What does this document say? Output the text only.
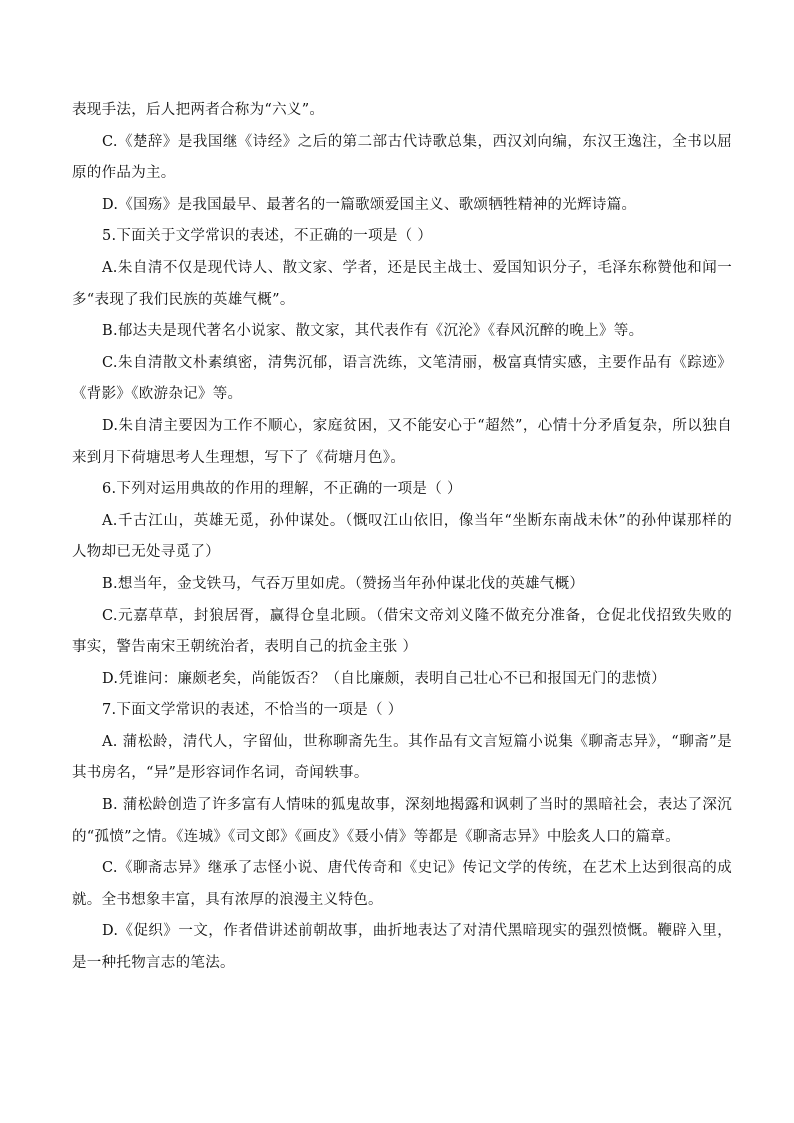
表现手法，后人把两者合称为“六义”。

C.《楚辞》是我国继《诗经》之后的第二部古代诗歌总集，西汉刘向编，东汉王逸注，全书以屈原的作品为主。

D.《国殇》是我国最早、最著名的一篇歌颂爱国主义、歌颂牺牲精神的光辉诗篇。

5.下面关于文学常识的表述，不正确的一项是（ ）

A.朱自清不仅是现代诗人、散文家、学者，还是民主战士、爱国知识分子，毛泽东称赞他和闻一多“表现了我们民族的英雄气概”。

B.郁达夫是现代著名小说家、散文家，其代表作有《沉沦》《春风沉醉的晚上》等。

C.朱自清散文朴素缜密，清隽沉郁，语言洗练，文笔清丽，极富真情实感，主要作品有《踪迹》《背影》《欧游杂记》等。

D.朱自清主要因为工作不顺心，家庭贫困，又不能安心于“超然”，心情十分矛盾复杂，所以独自来到月下荷塘思考人生理想，写下了《荷塘月色》。

6.下列对运用典故的作用的理解，不正确的一项是（ ）

A.千古江山，英雄无觅，孙仲谋处。（慨叹江山依旧，像当年“坐断东南战未休”的孙仲谋那样的人物却已无处寻觅了）

B.想当年，金戈铁马，气吞万里如虎。（赞扬当年孙仲谋北伐的英雄气概）

C.元嘉草草，封狼居胥，赢得仓皇北顾。（借宋文帝刘义隆不做充分准备，仓促北伐招致失败的事实，警告南宋王朝统治者，表明自己的抗金主张 ）

D.凭谁问：廉颇老矣，尚能饭否？（自比廉颇，表明自己壮心不已和报国无门的悲愤）

7.下面文学常识的表述，不恰当的一项是（ ）

A. 蒲松龄，清代人，字留仙，世称聊斋先生。其作品有文言短篇小说集《聊斋志异》，“聊斋”是其书房名，“异”是形容词作名词，奇闻轶事。

B. 蒲松龄创造了许多富有人情味的狐鬼故事，深刻地揭露和讽刺了当时的黑暗社会，表达了深沉的“孤愤”之情。《连城》《司文郎》《画皮》《聂小倩》等都是《聊斋志异》中脍炙人口的篇章。

C.《聊斋志异》继承了志怪小说、唐代传奇和《史记》传记文学的传统，在艺术上达到很高的成就。全书想象丰富，具有浓厚的浪漫主义特色。

D.《促织》一文，作者借讲述前朝故事，曲折地表达了对清代黑暗现实的强烈愤慨。鞭辟入里，是一种托物言志的笔法。
